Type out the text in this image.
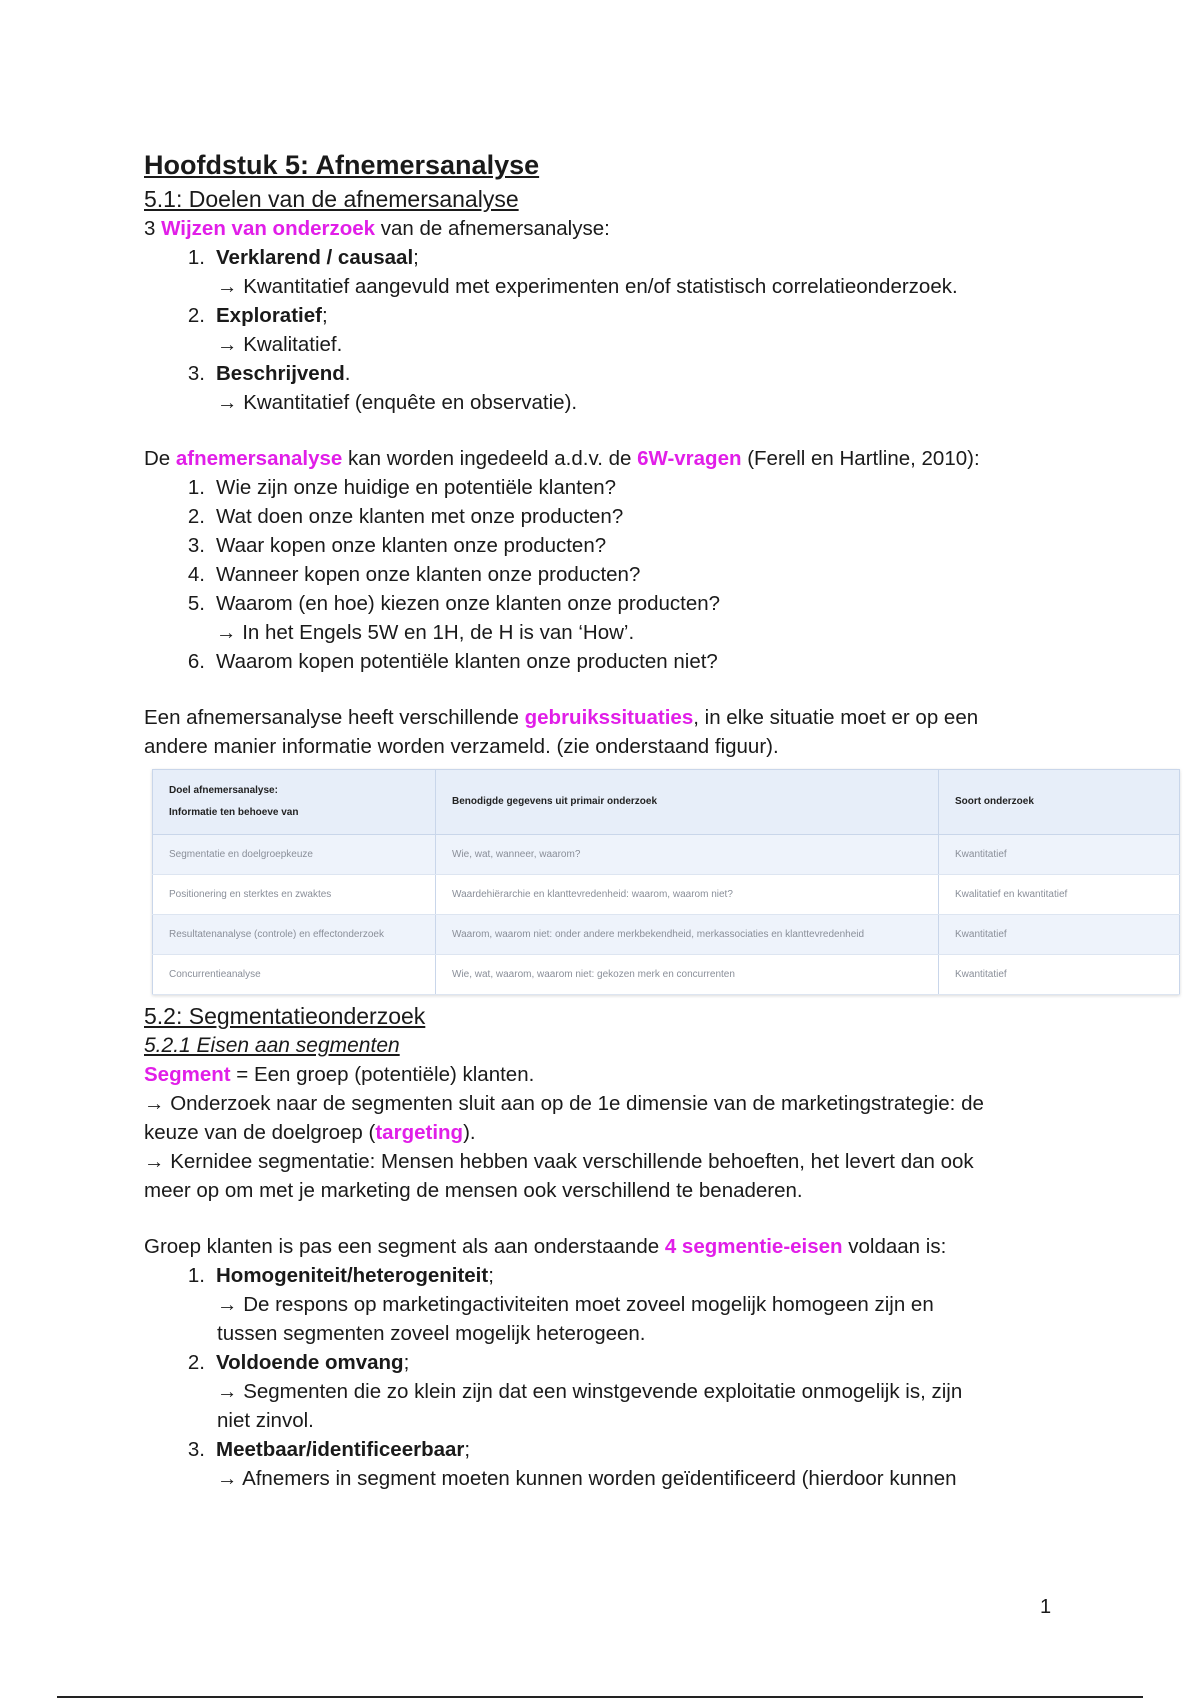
Hoofdstuk 5: Afnemersanalyse
5.1: Doelen van de afnemersanalyse
3 Wijzen van onderzoek van de afnemersanalyse:
1. Verklarend / causaal;
→ Kwantitatief aangevuld met experimenten en/of statistisch correlatieonderzoek.
2. Exploratief;
→ Kwalitatief.
3. Beschrijvend.
→ Kwantitatief (enquête en observatie).
De afnemersanalyse kan worden ingedeeld a.d.v. de 6W-vragen (Ferell en Hartline, 2010):
1. Wie zijn onze huidige en potentiële klanten?
2. Wat doen onze klanten met onze producten?
3. Waar kopen onze klanten onze producten?
4. Wanneer kopen onze klanten onze producten?
5. Waarom (en hoe) kiezen onze klanten onze producten?
→ In het Engels 5W en 1H, de H is van ‘How’.
6. Waarom kopen potentiële klanten onze producten niet?
Een afnemersanalyse heeft verschillende gebruikssituaties, in elke situatie moet er op een
andere manier informatie worden verzameld. (zie onderstaand figuur).
Doel afnemersanalyse:
Informatie ten behoeve van	Benodigde gegevens uit primair onderzoek	Soort onderzoek
Segmentatie en doelgroepkeuze	Wie, wat, wanneer, waarom?	Kwantitatief
Positionering en sterktes en zwaktes	Waardehiërarchie en klanttevredenheid: waarom, waarom niet?	Kwalitatief en kwantitatief
Resultatenanalyse (controle) en effectonderzoek	Waarom, waarom niet: onder andere merkbekendheid, merkassociaties en klanttevredenheid	Kwantitatief
Concurrentieanalyse	Wie, wat, waarom, waarom niet: gekozen merk en concurrenten	Kwantitatief
5.2: Segmentatieonderzoek
5.2.1 Eisen aan segmenten
Segment = Een groep (potentiële) klanten.
→ Onderzoek naar de segmenten sluit aan op de 1e dimensie van de marketingstrategie: de
keuze van de doelgroep (targeting).
→ Kernidee segmentatie: Mensen hebben vaak verschillende behoeften, het levert dan ook
meer op om met je marketing de mensen ook verschillend te benaderen.
Groep klanten is pas een segment als aan onderstaande 4 segmentie-eisen voldaan is:
1. Homogeniteit/heterogeniteit;
→ De respons op marketingactiviteiten moet zoveel mogelijk homogeen zijn en
tussen segmenten zoveel mogelijk heterogeen.
2. Voldoende omvang;
→ Segmenten die zo klein zijn dat een winstgevende exploitatie onmogelijk is, zijn
niet zinvol.
3. Meetbaar/identificeerbaar;
→ Afnemers in segment moeten kunnen worden geïdentificeerd (hierdoor kunnen
1
